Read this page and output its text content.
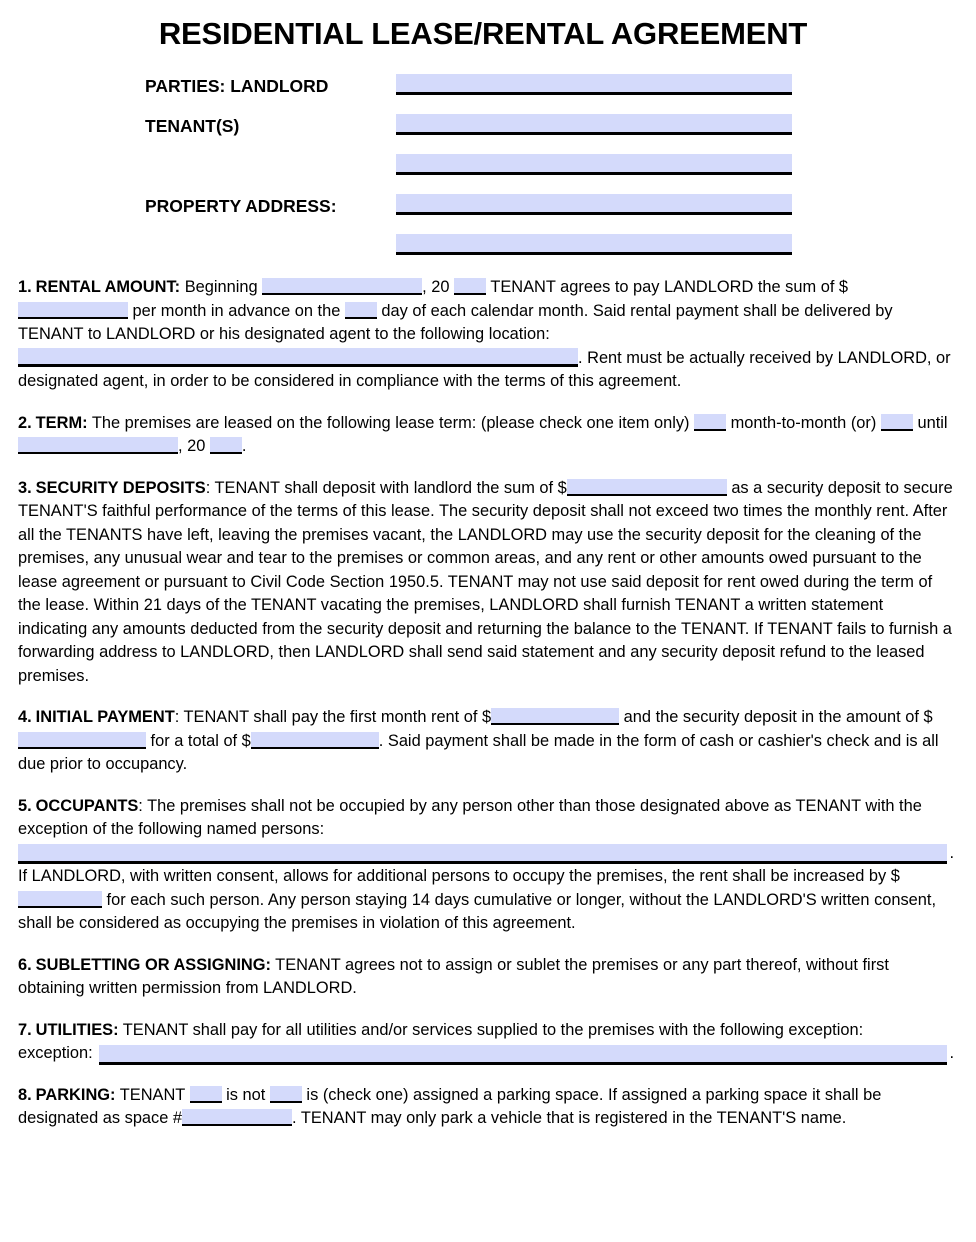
RESIDENTIAL LEASE/RENTAL AGREEMENT
PARTIES: LANDLORD
TENANT(S)
PROPERTY ADDRESS:

1. RENTAL AMOUNT: Beginning	, 20  TENANT agrees to pay LANDLORD the sum of $ per month in advance on the  day of each calendar month. Said rental payment shall be delivered by TENANT to LANDLORD or his designated agent to the following location:
. Rent must be actually received by LANDLORD, or designated agent, in order to be considered in compliance with the terms of this agreement.

2. TERM: The premises are leased on the following lease term: (please check one item only)  month-to-month (or)  until , 20 .

3. SECURITY DEPOSITS: TENANT shall deposit with landlord the sum of $	as a security deposit to secure TENANT'S faithful performance of the terms of this lease. The security deposit shall not exceed two times the monthly rent. After all the TENANTS have left, leaving the premises vacant, the LANDLORD may use the security deposit for the cleaning of the premises, any unusual wear and tear to the premises or common areas, and any rent or other amounts owed pursuant to the lease agreement or pursuant to Civil Code Section 1950.5. TENANT may not use said deposit for rent owed during the term of the lease. Within 21 days of the TENANT vacating the premises, LANDLORD shall furnish TENANT a written statement indicating any amounts deducted from the security deposit and returning the balance to the TENANT. If TENANT fails to furnish a forwarding address to LANDLORD, then LANDLORD shall send said statement and any security deposit refund to the leased premises.

4. INITIAL PAYMENT: TENANT shall pay the first month rent of $	and the security deposit in the amount of $ for a total of $	. Said payment shall be made in the form of cash or cashier's check and is all due prior to occupancy.

5. OCCUPANTS: The premises shall not be occupied by any person other than those designated above as TENANT with the exception of the following named persons:

.

If LANDLORD, with written consent, allows for additional persons to occupy the premises, the rent shall be increased by $ for each such person. Any person staying 14 days cumulative or longer, without the LANDLORD'S written consent, shall be considered as occupying the premises in violation of this agreement.

6. SUBLETTING OR ASSIGNING: TENANT agrees not to assign or sublet the premises or any part thereof, without first obtaining written permission from LANDLORD.

7. UTILITIES: TENANT shall pay for all utilities and/or services supplied to the premises with the following exception:

exception:	.

8. PARKING: TENANT  is not  is (check one) assigned a parking space. If assigned a parking space it shall be designated as space #	. TENANT may only park a vehicle that is registered in the TENANT'S name.
